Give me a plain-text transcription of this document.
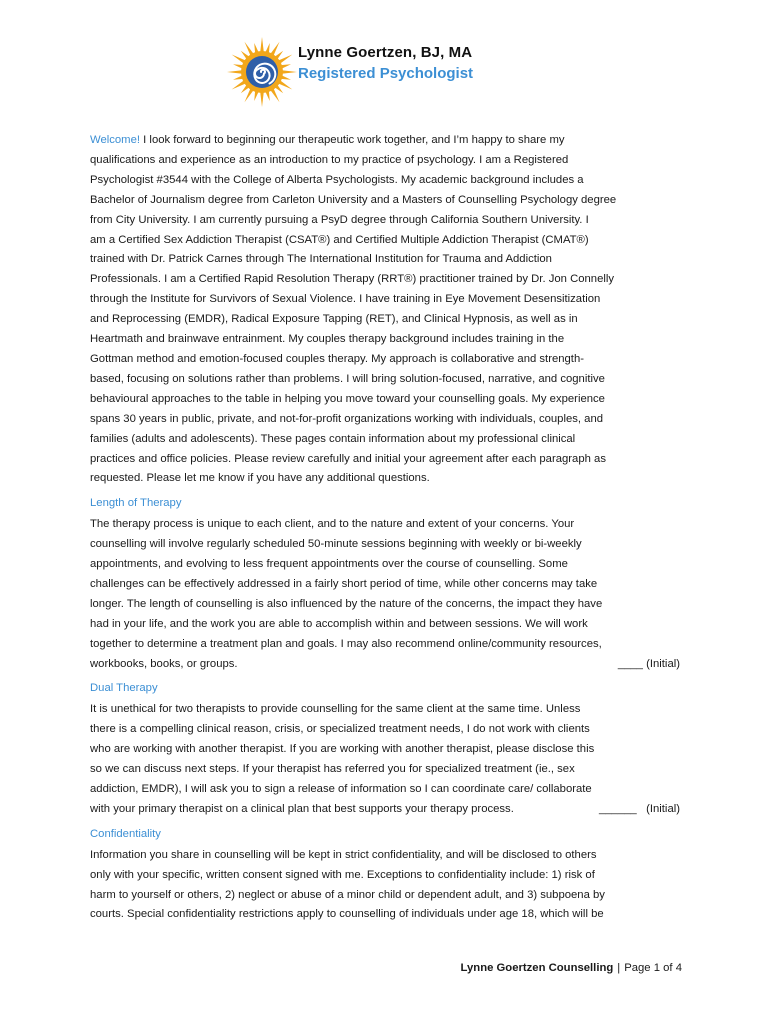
Lynne Goertzen, BJ, MA
Registered Psychologist

Welcome! I look forward to beginning our therapeutic work together, and I’m happy to share my
qualifications and experience as an introduction to my practice of psychology. I am a Registered
Psychologist #3544 with the College of Alberta Psychologists. My academic background includes a
Bachelor of Journalism degree from Carleton University and a Masters of Counselling Psychology degree
from City University. I am currently pursuing a PsyD degree through California Southern University. I
am a Certified Sex Addiction Therapist (CSAT®) and Certified Multiple Addiction Therapist (CMAT®)
trained with Dr. Patrick Carnes through The International Institution for Trauma and Addiction
Professionals. I am a Certified Rapid Resolution Therapy (RRT®) practitioner trained by Dr. Jon Connelly
through the Institute for Survivors of Sexual Violence. I have training in Eye Movement Desensitization
and Reprocessing (EMDR), Radical Exposure Tapping (RET), and Clinical Hypnosis, as well as in
Heartmath and brainwave entrainment. My couples therapy background includes training in the
Gottman method and emotion-focused couples therapy. My approach is collaborative and strength-
based, focusing on solutions rather than problems. I will bring solution-focused, narrative, and cognitive
behavioural approaches to the table in helping you move toward your counselling goals. My experience
spans 30 years in public, private, and not-for-profit organizations working with individuals, couples, and
families (adults and adolescents). These pages contain information about my professional clinical
practices and office policies. Please review carefully and initial your agreement after each paragraph as
requested. Please let me know if you have any additional questions.

Length of Therapy

The therapy process is unique to each client, and to the nature and extent of your concerns. Your
counselling will involve regularly scheduled 50-minute sessions beginning with weekly or bi-weekly
appointments, and evolving to less frequent appointments over the course of counselling. Some
challenges can be effectively addressed in a fairly short period of time, while other concerns may take
longer. The length of counselling is also influenced by the nature of the concerns, the impact they have
had in your life, and the work you are able to accomplish within and between sessions. We will work
together to determine a treatment plan and goals. I may also recommend online/community resources,

workbooks, books, or groups.	____ (Initial)

Dual Therapy

It is unethical for two therapists to provide counselling for the same client at the same time. Unless
there is a compelling clinical reason, crisis, or specialized treatment needs, I do not work with clients
who are working with another therapist. If you are working with another therapist, please disclose this
so we can discuss next steps. If your therapist has referred you for specialized treatment (ie., sex
addiction, EMDR), I will ask you to sign a release of information so I can coordinate care/ collaborate

with your primary therapist on a clinical plan that best supports your therapy process.	______   (Initial)

Confidentiality

Information you share in counselling will be kept in strict confidentiality, and will be disclosed to others
only with your specific, written consent signed with me. Exceptions to confidentiality include: 1) risk of
harm to yourself or others, 2) neglect or abuse of a minor child or dependent adult, and 3) subpoena by
courts. Special confidentiality restrictions apply to counselling of individuals under age 18, which will be

Lynne Goertzen Counselling | Page 1 of 4
